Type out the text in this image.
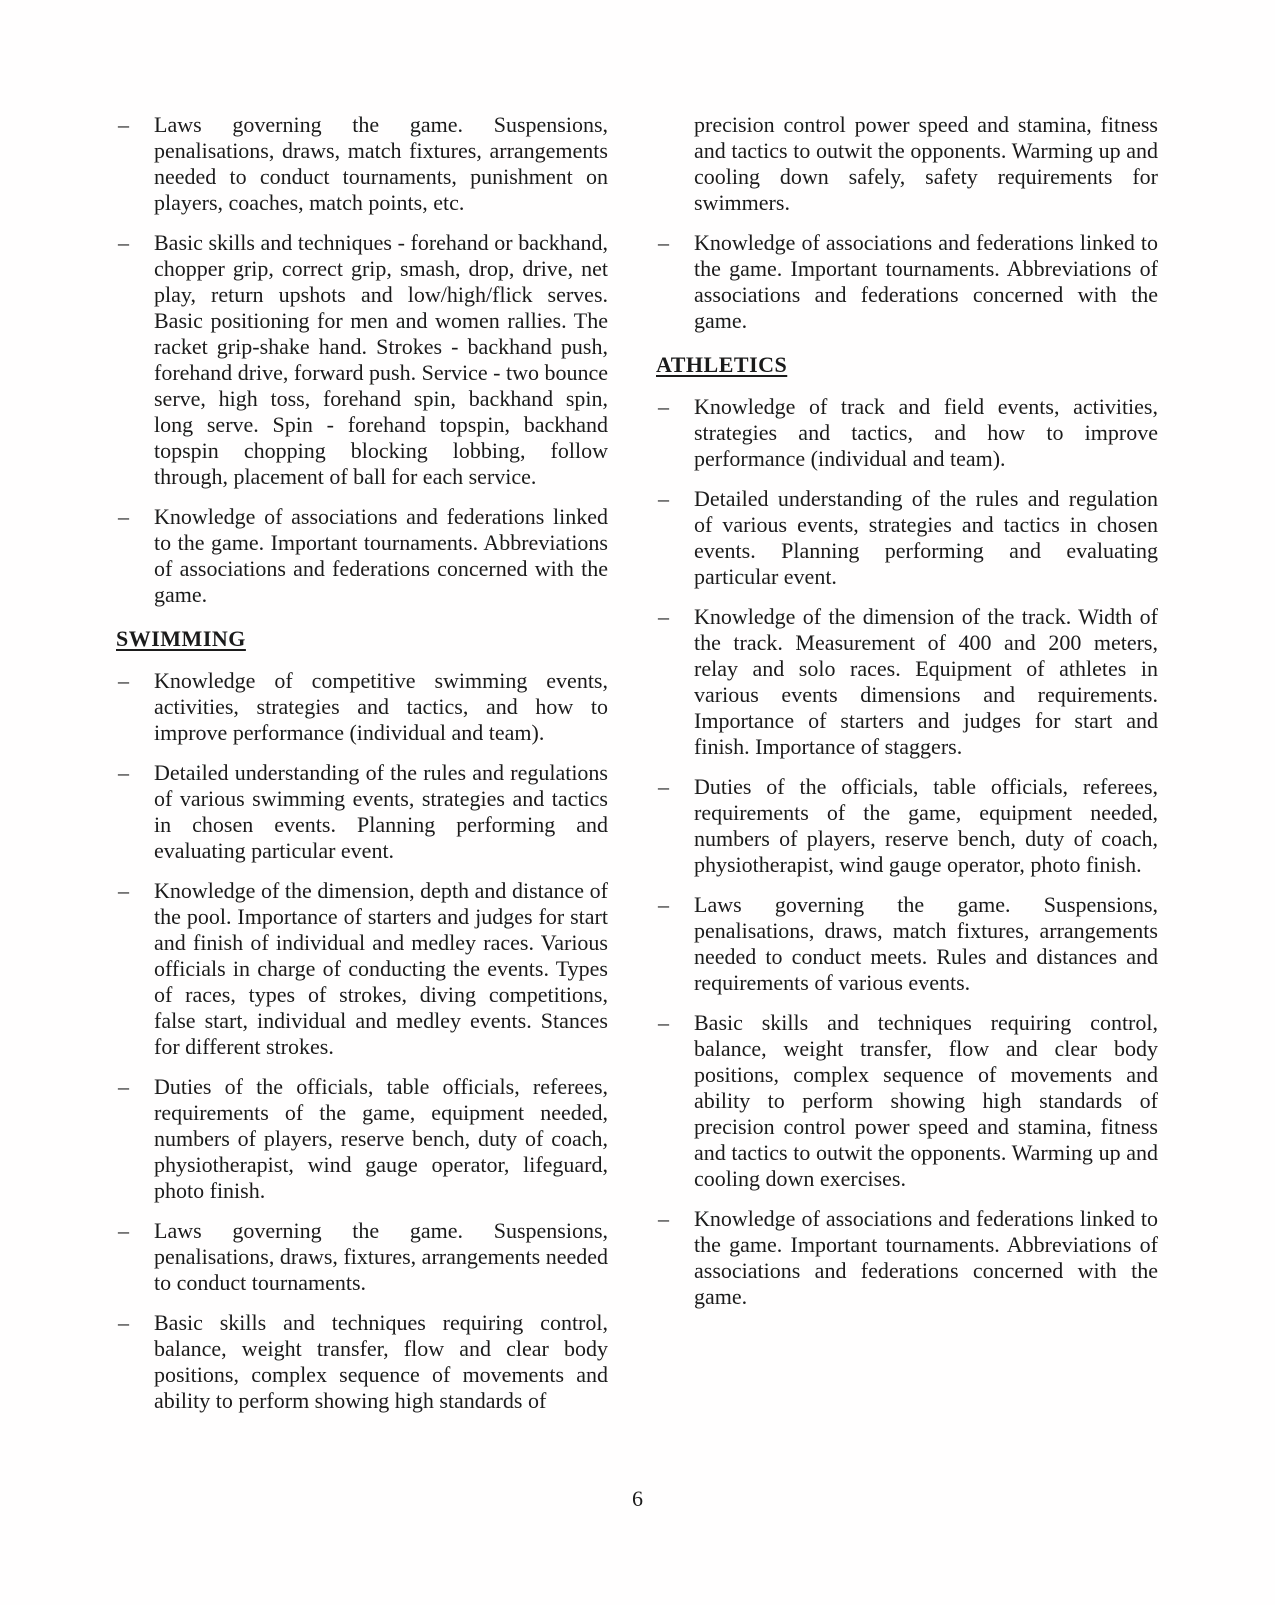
– Laws governing the game. Suspensions, penalisations, draws, match fixtures, arrangements needed to conduct tournaments, punishment on players, coaches, match points, etc.
– Basic skills and techniques - forehand or backhand, chopper grip, correct grip, smash, drop, drive, net play, return upshots and low/high/flick serves. Basic positioning for men and women rallies. The racket grip-shake hand. Strokes - backhand push, forehand drive, forward push. Service - two bounce serve, high toss, forehand spin, backhand spin, long serve. Spin - forehand topspin, backhand topspin chopping blocking lobbing, follow through, placement of ball for each service.
– Knowledge of associations and federations linked to the game. Important tournaments. Abbreviations of associations and federations concerned with the game.
SWIMMING
– Knowledge of competitive swimming events, activities, strategies and tactics, and how to improve performance (individual and team).
– Detailed understanding of the rules and regulations of various swimming events, strategies and tactics in chosen events. Planning performing and evaluating particular event.
– Knowledge of the dimension, depth and distance of the pool. Importance of starters and judges for start and finish of individual and medley races. Various officials in charge of conducting the events. Types of races, types of strokes, diving competitions, false start, individual and medley events. Stances for different strokes.
– Duties of the officials, table officials, referees, requirements of the game, equipment needed, numbers of players, reserve bench, duty of coach, physiotherapist, wind gauge operator, lifeguard, photo finish.
– Laws governing the game. Suspensions, penalisations, draws, fixtures, arrangements needed to conduct tournaments.
– Basic skills and techniques requiring control, balance, weight transfer, flow and clear body positions, complex sequence of movements and ability to perform showing high standards of
precision control power speed and stamina, fitness and tactics to outwit the opponents. Warming up and cooling down safely, safety requirements for swimmers.
– Knowledge of associations and federations linked to the game. Important tournaments. Abbreviations of associations and federations concerned with the game.
ATHLETICS
– Knowledge of track and field events, activities, strategies and tactics, and how to improve performance (individual and team).
– Detailed understanding of the rules and regulation of various events, strategies and tactics in chosen events. Planning performing and evaluating particular event.
– Knowledge of the dimension of the track. Width of the track. Measurement of 400 and 200 meters, relay and solo races. Equipment of athletes in various events dimensions and requirements. Importance of starters and judges for start and finish. Importance of staggers.
– Duties of the officials, table officials, referees, requirements of the game, equipment needed, numbers of players, reserve bench, duty of coach, physiotherapist, wind gauge operator, photo finish.
– Laws governing the game. Suspensions, penalisations, draws, match fixtures, arrangements needed to conduct meets. Rules and distances and requirements of various events.
– Basic skills and techniques requiring control, balance, weight transfer, flow and clear body positions, complex sequence of movements and ability to perform showing high standards of precision control power speed and stamina, fitness and tactics to outwit the opponents. Warming up and cooling down exercises.
– Knowledge of associations and federations linked to the game. Important tournaments. Abbreviations of associations and federations concerned with the game.
6
